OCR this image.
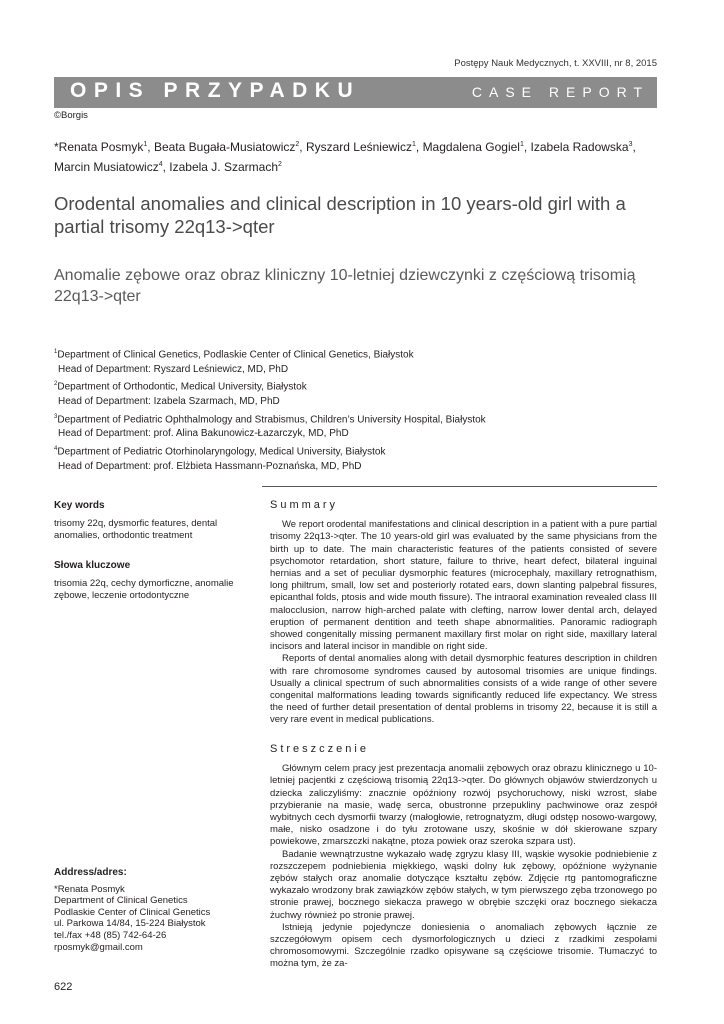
Postępy Nauk Medycznych, t. XXVIII, nr 8, 2015
OPIS PRZYPADKU	CASE REPORT
©Borgis
*Renata Posmyk$^1$, Beata Bugała-Musiatowicz$^2$, Ryszard Leśniewicz$^1$, Magdalena Gogiel$^1$, Izabela Radowska$^3$,
Marcin Musiatowicz$^4$, Izabela J. Szarmach$^2$
Orodental anomalies and clinical description in 10 years-old girl with a partial trisomy 22q13->qter
Anomalie zębowe oraz obraz kliniczny 10-letniej dziewczynki z częściową trisomią 22q13->qter
$^1$Department of Clinical Genetics, Podlaskie Center of Clinical Genetics, Białystok
Head of Department: Ryszard Leśniewicz, MD, PhD
$^2$Department of Orthodontic, Medical University, Białystok
Head of Department: Izabela Szarmach, MD, PhD
$^3$Department of Pediatric Ophthalmology and Strabismus, Children’s University Hospital, Białystok
Head of Department: prof. Alina Bakunowicz-Łazarczyk, MD, PhD
$^4$Department of Pediatric Otorhinolaryngology, Medical University, Białystok
Head of Department: prof. Elżbieta Hassmann-Poznańska, MD, PhD
Key words

trisomy 22q, dysmorfic features, dental anomalies, orthodontic treatment

Słowa kluczowe

trisomia 22q, cechy dymorficzne, anomalie zębowe, leczenie ortodontyczne

Address/adres:
*Renata Posmyk
Department of Clinical Genetics
Podlaskie Center of Clinical Genetics
ul. Parkowa 14/84, 15-224 Białystok
tel./fax +48 (85) 742-64-26
rposmyk@gmail.com
Summary

We report orodental manifestations and clinical description in a patient with a pure partial trisomy 22q13->qter. The 10 years-old girl was evaluated by the same physicians from the birth up to date. The main characteristic features of the patients consisted of severe psychomotor retardation, short stature, failure to thrive, heart defect, bilateral inguinal hernias and a set of peculiar dysmorphic features (microcephaly, maxillary retrognathism, long philtrum, small, low set and posteriorly rotated ears, down slanting palpebral fissures, epicanthal folds, ptosis and wide mouth fissure). The intraoral examination revealed class III malocclusion, narrow high-arched palate with clefting, narrow lower dental arch, delayed eruption of permanent dentition and teeth shape abnormalities. Panoramic radiograph showed congenitally missing permanent maxillary first molar on right side, maxillary lateral incisors and lateral incisor in mandible on right side.

Reports of dental anomalies along with detail dysmorphic features description in children with rare chromosome syndromes caused by autosomal trisomies are unique findings. Usually a clinical spectrum of such abnormalities consists of a wide range of other severe congenital malformations leading towards significantly reduced life expectancy. We stress the need of further detail presentation of dental problems in trisomy 22, because it is still a very rare event in medical publications.

Streszczenie

Głównym celem pracy jest prezentacja anomalii zębowych oraz obrazu klinicznego u 10-letniej pacjentki z częściową trisomią 22q13->qter. Do głównych objawów stwierdzonych u dziecka zaliczyliśmy: znacznie opóźniony rozwój psychoruchowy, niski wzrost, słabe przybieranie na masie, wadę serca, obustronne przepukliny pachwinowe oraz zespół wybitnych cech dysmorfii twarzy (małogłowie, retrognatyzm, długi odstęp nosowo-wargowy, małe, nisko osadzone i do tyłu zrotowane uszy, skośnie w dół skierowane szpary powiekowe, zmarszczki nakątne, ptoza powiek oraz szeroka szpara ust).

Badanie wewnątrzustne wykazało wadę zgryzu klasy III, wąskie wysokie podniebienie z rozszczepem podniebienia miękkiego, wąski dolny łuk zębowy, opóźnione wyżynanie zębów stałych oraz anomalie dotyczące kształtu zębów. Zdjęcie rtg pantomograficzne wykazało wrodzony brak zawiązków zębów stałych, w tym pierwszego zęba trzonowego po stronie prawej, bocznego siekacza prawego w obrębie szczęki oraz bocznego siekacza żuchwy również po stronie prawej.

Istnieją jedynie pojedyncze doniesienia o anomaliach zębowych łącznie ze szczegółowym opisem cech dysmorfologicznych u dzieci z rzadkimi zespołami chromosomowymi. Szczególnie rzadko opisywane są częściowe trisomie. Tłumaczyć to można tym, że za-

622
